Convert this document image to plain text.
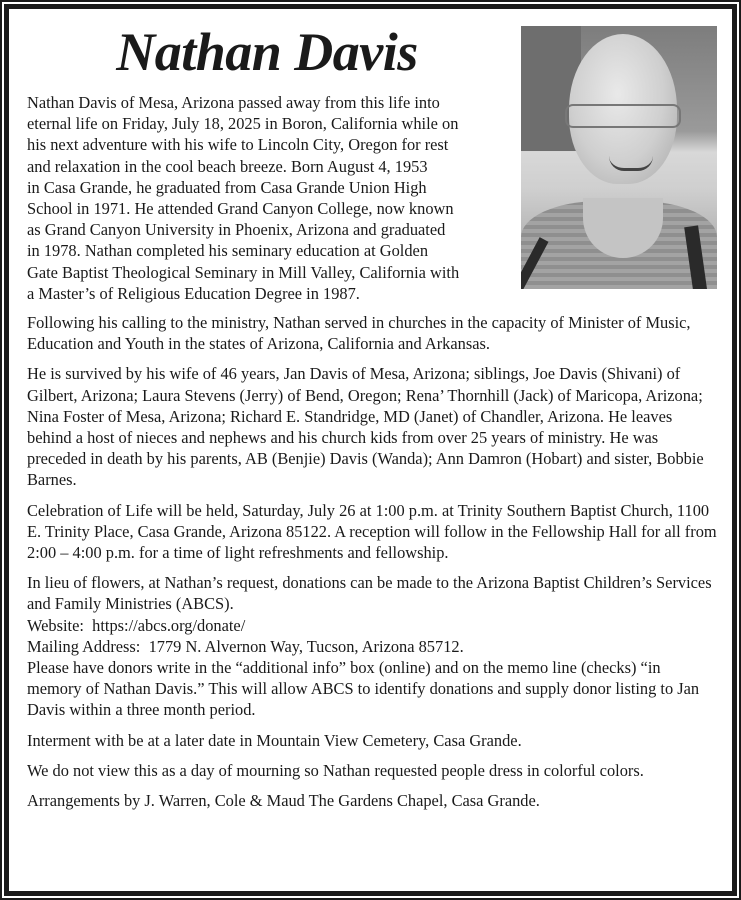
Nathan Davis

Nathan Davis of Mesa, Arizona passed away from this life into
eternal life on Friday, July 18, 2025 in Boron, California while on
his next adventure with his wife to Lincoln City, Oregon for rest
and relaxation in the cool beach breeze. Born August 4, 1953
in Casa Grande, he graduated from Casa Grande Union High
School in 1971. He attended Grand Canyon College, now known
as Grand Canyon University in Phoenix, Arizona and graduated
in 1978. Nathan completed his seminary education at Golden
Gate Baptist Theological Seminary in Mill Valley, California with
a Master’s of Religious Education Degree in 1987.

Following his calling to the ministry, Nathan served in churches in the capacity of Minister of Music, Education and Youth in the states of Arizona, California and Arkansas.

He is survived by his wife of 46 years, Jan Davis of Mesa, Arizona; siblings, Joe Davis (Shivani) of Gilbert, Arizona; Laura Stevens (Jerry) of Bend, Oregon; Rena’ Thornhill (Jack) of Maricopa, Arizona; Nina Foster of Mesa, Arizona; Richard E. Standridge, MD (Janet) of Chandler, Arizona. He leaves behind a host of nieces and nephews and his church kids from over 25 years of ministry. He was preceded in death by his parents, AB (Benjie) Davis (Wanda); Ann Damron (Hobart) and sister, Bobbie Barnes.

Celebration of Life will be held, Saturday, July 26 at 1:00 p.m. at Trinity Southern Baptist Church, 1100 E. Trinity Place, Casa Grande, Arizona 85122. A reception will follow in the Fellowship Hall for all from 2:00 – 4:00 p.m. for a time of light refreshments and fellowship.

In lieu of flowers, at Nathan’s request, donations can be made to the Arizona Baptist Children’s Services and Family Ministries (ABCS).
Website: https://abcs.org/donate/
Mailing Address: 1779 N. Alvernon Way, Tucson, Arizona 85712.
Please have donors write in the “additional info” box (online) and on the memo line (checks) “in memory of Nathan Davis.” This will allow ABCS to identify donations and supply donor listing to Jan Davis within a three month period.

Interment with be at a later date in Mountain View Cemetery, Casa Grande.

We do not view this as a day of mourning so Nathan requested people dress in colorful colors.

Arrangements by J. Warren, Cole & Maud The Gardens Chapel, Casa Grande.
